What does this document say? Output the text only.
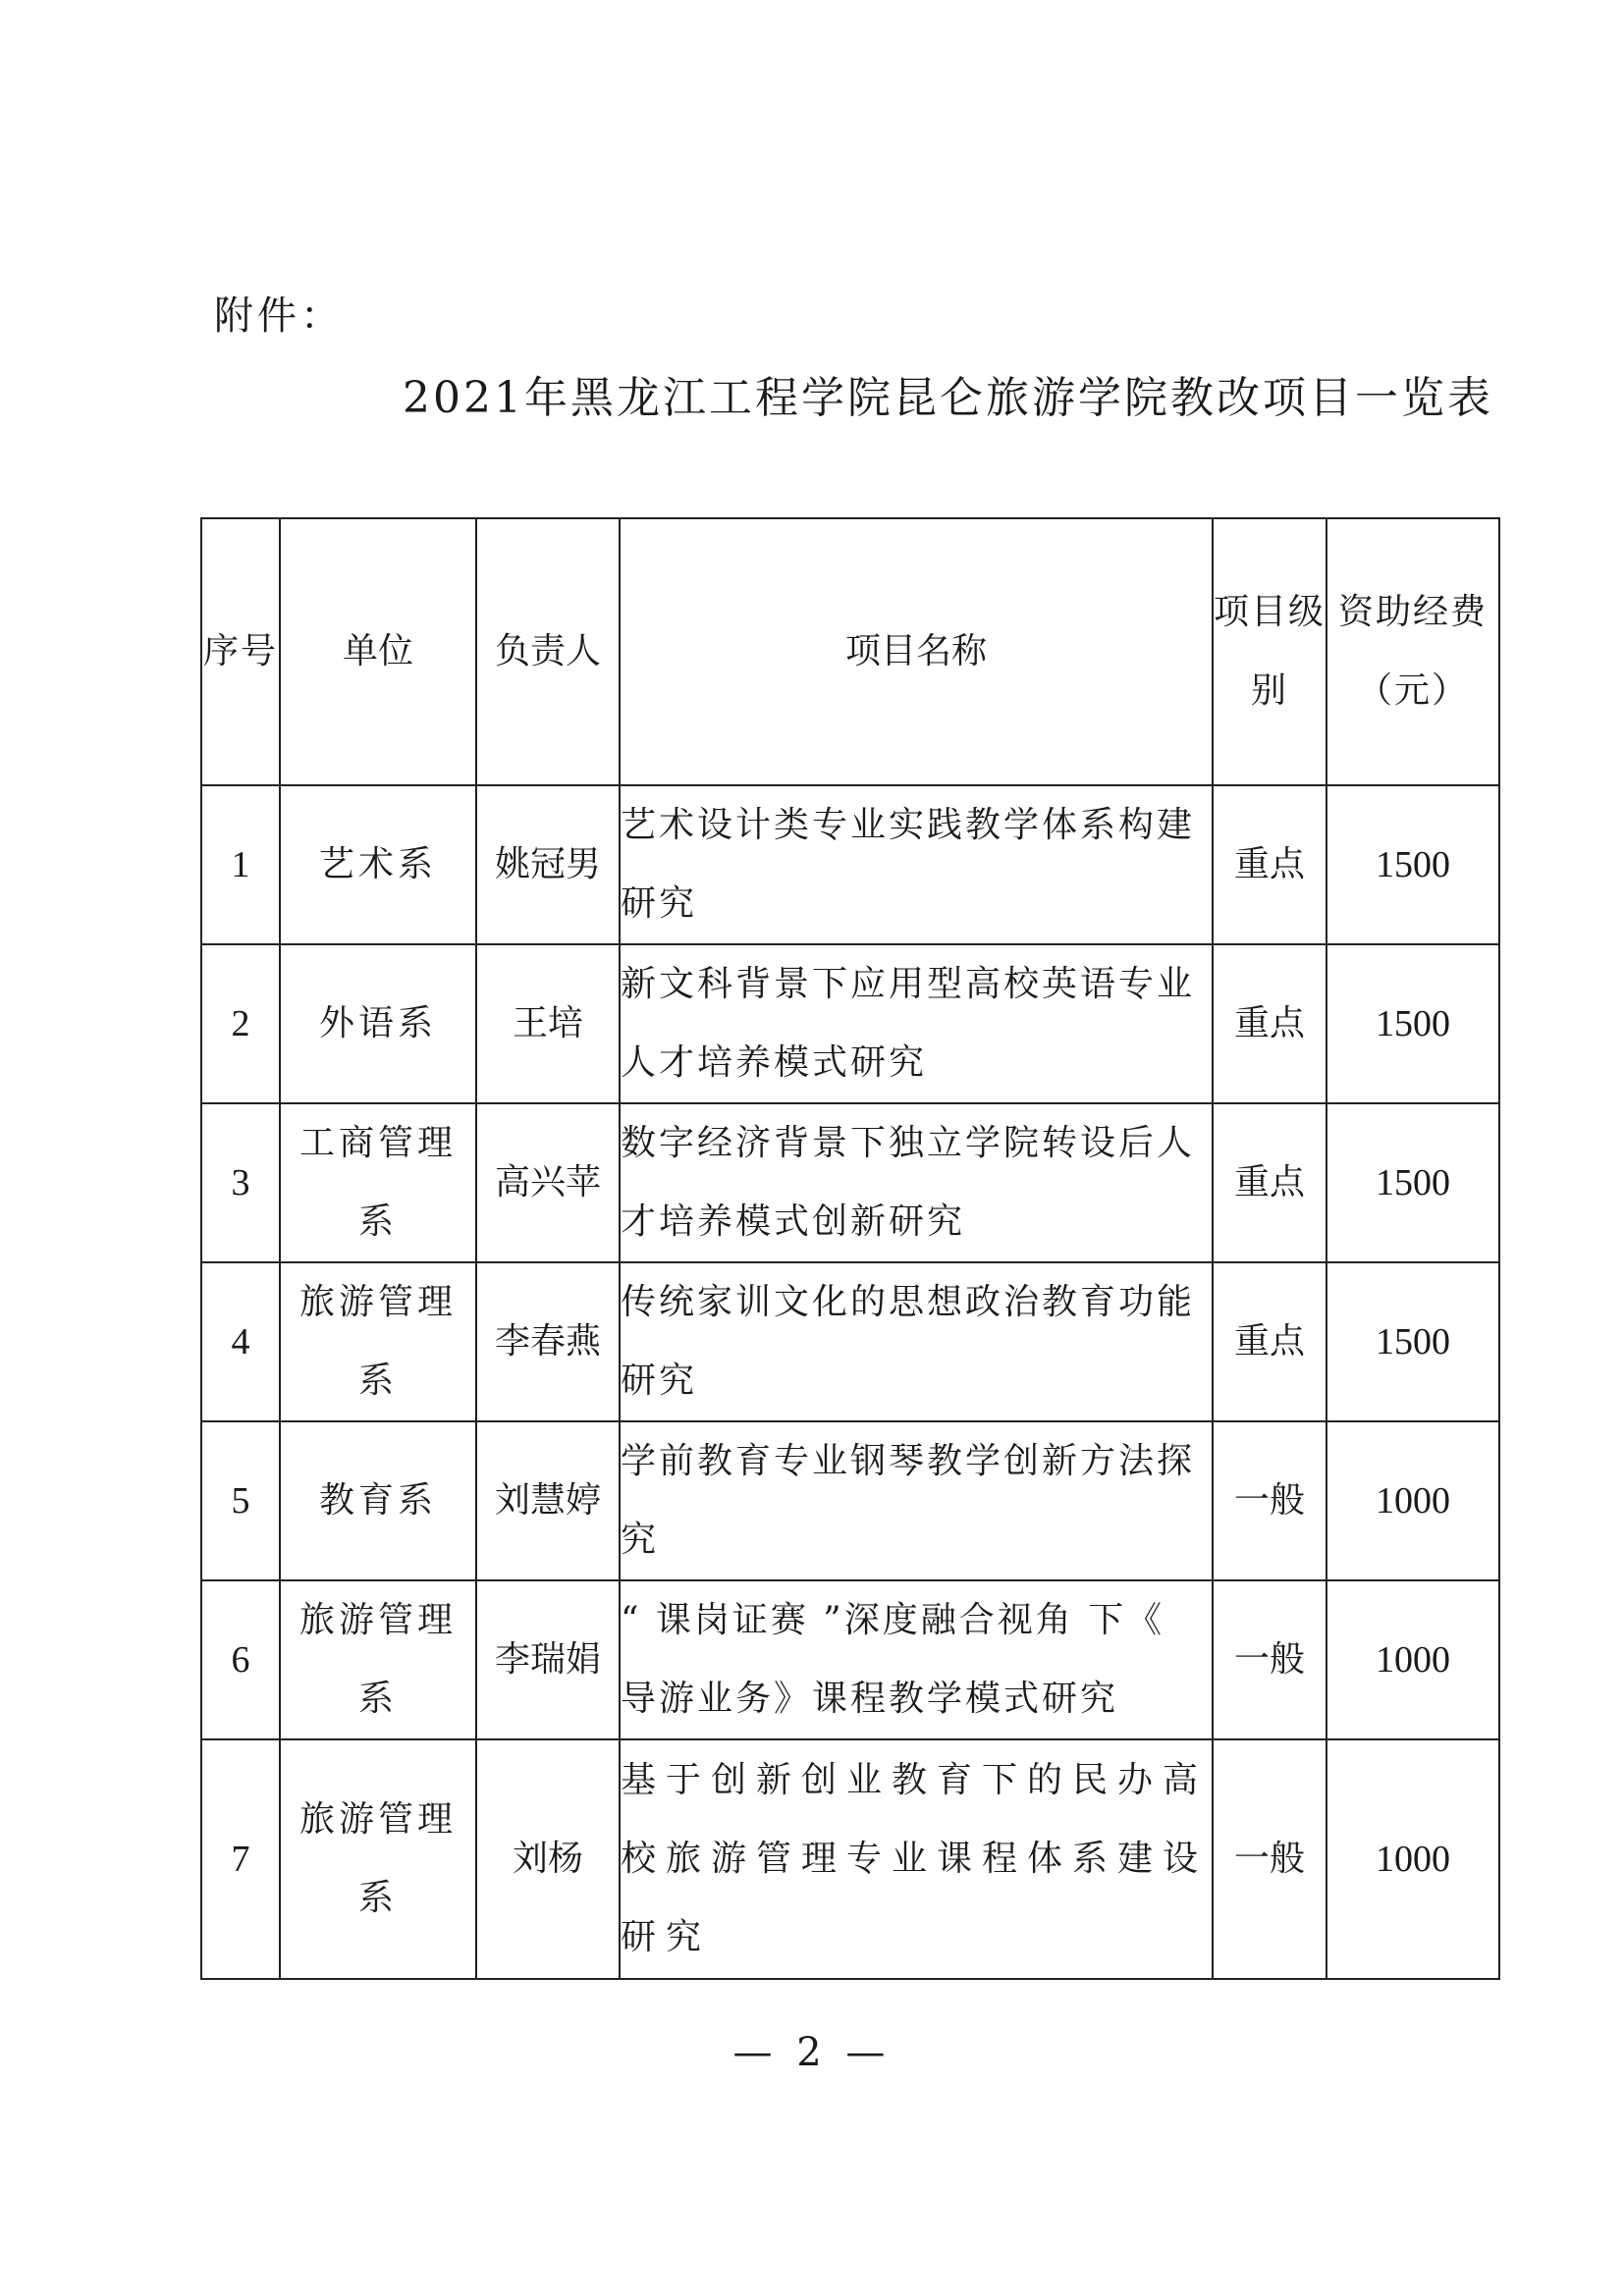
附件：
2021年黑龙江工程学院昆仑旅游学院教改项目一览表
序号	单位	负责人	项目名称	项目级别	资助经费（元）
1	艺术系	姚冠男	艺术设计类专业实践教学体系构建研究	重点	1500
2	外语系	王培	新文科背景下应用型高校英语专业人才培养模式研究	重点	1500
3	工商管理系	高兴苹	数字经济背景下独立学院转设后人才培养模式创新研究	重点	1500
4	旅游管理系	李春燕	传统家训文化的思想政治教育功能研究	重点	1500
5	教育系	刘慧婷	学前教育专业钢琴教学创新方法探究	一般	1000
6	旅游管理系	李瑞娟	“ 课岗证赛 ”深度融合视角 下《 导游业务》课程教学模式研究	一般	1000
7	旅游管理系	刘杨	基于创新创业教育下的民办高校旅游管理专业课程体系建设研究	一般	1000
— 2 —
